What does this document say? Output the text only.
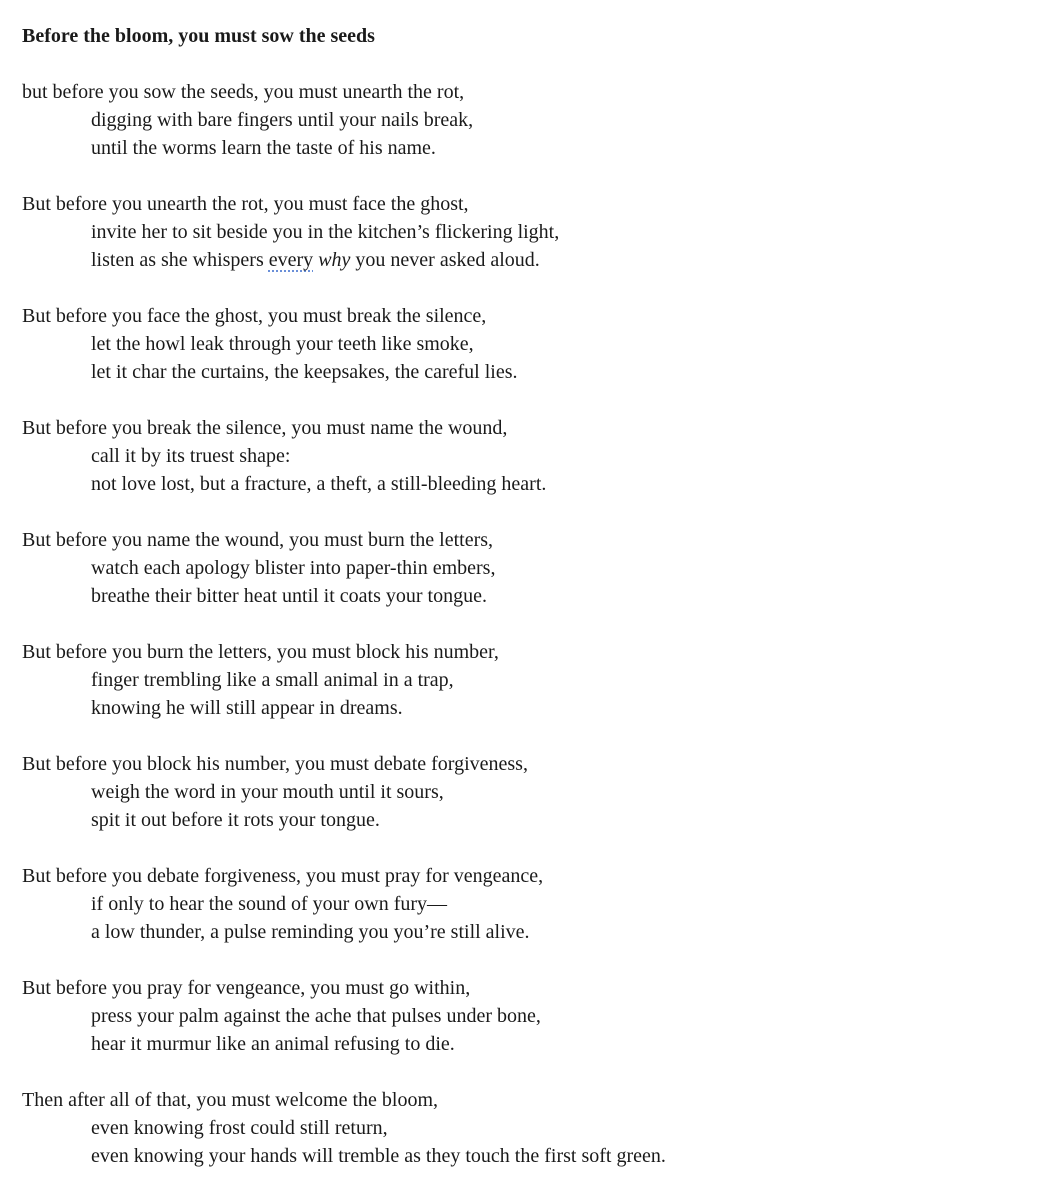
Before the bloom, you must sow the seeds
but before you sow the seeds, you must unearth the rot,
digging with bare fingers until your nails break,
until the worms learn the taste of his name.
But before you unearth the rot, you must face the ghost,
invite her to sit beside you in the kitchen’s flickering light,
listen as she whispers every why you never asked aloud.
But before you face the ghost, you must break the silence,
let the howl leak through your teeth like smoke,
let it char the curtains, the keepsakes, the careful lies.
But before you break the silence, you must name the wound,
call it by its truest shape:
not love lost, but a fracture, a theft, a still-bleeding heart.
But before you name the wound, you must burn the letters,
watch each apology blister into paper-thin embers,
breathe their bitter heat until it coats your tongue.
But before you burn the letters, you must block his number,
finger trembling like a small animal in a trap,
knowing he will still appear in dreams.
But before you block his number, you must debate forgiveness,
weigh the word in your mouth until it sours,
spit it out before it rots your tongue.
But before you debate forgiveness, you must pray for vengeance,
if only to hear the sound of your own fury—
a low thunder, a pulse reminding you you’re still alive.
But before you pray for vengeance, you must go within,
press your palm against the ache that pulses under bone,
hear it murmur like an animal refusing to die.
Then after all of that, you must welcome the bloom,
even knowing frost could still return,
even knowing your hands will tremble as they touch the first soft green.
